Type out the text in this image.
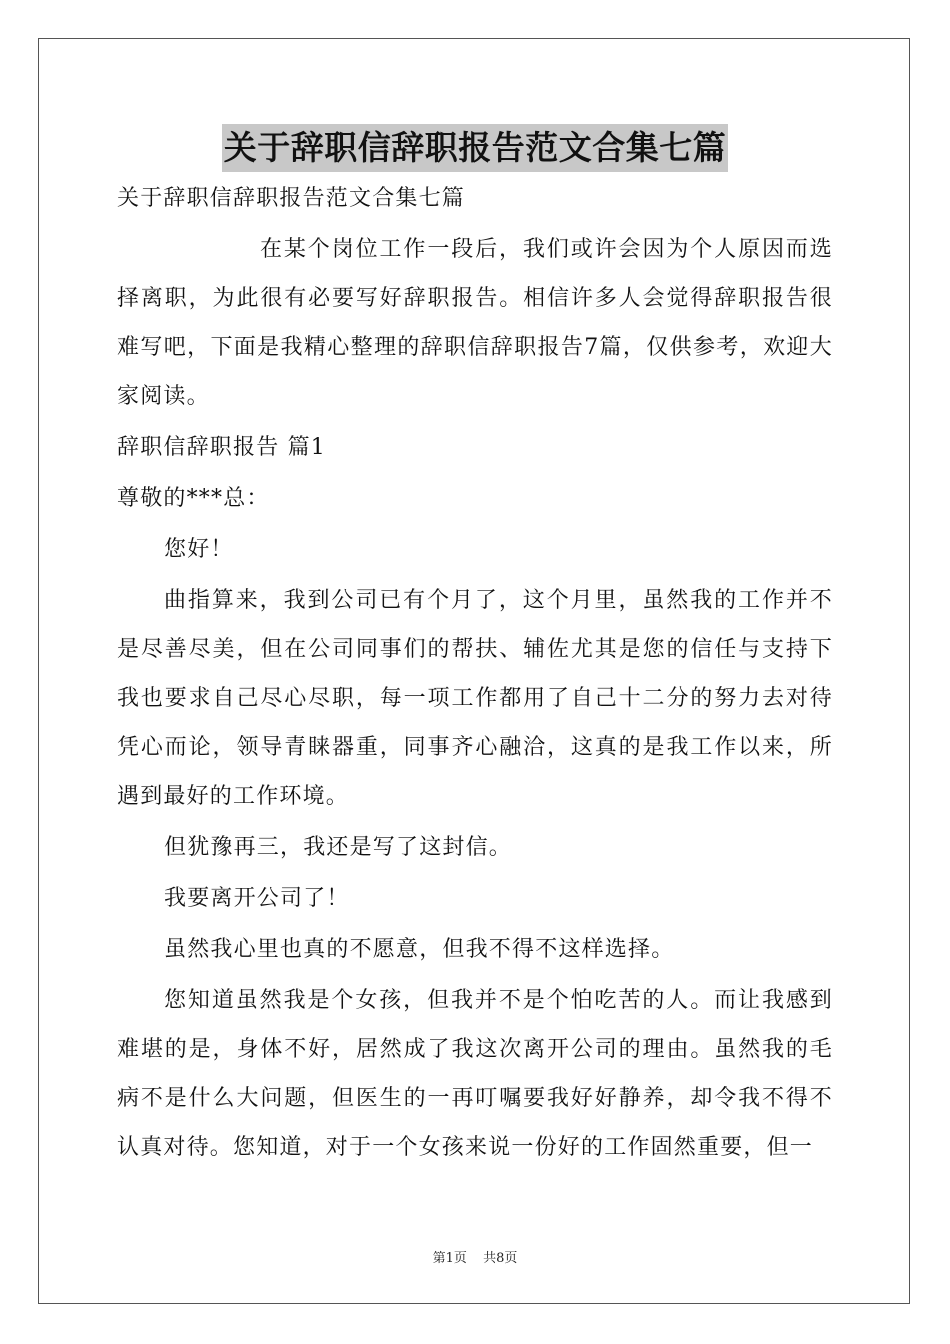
关于辞职信辞职报告范文合集七篇

关于辞职信辞职报告范文合集七篇

在某个岗位工作一段后，我们或许会因为个人原因而选择离职，为此很有必要写好辞职报告。相信许多人会觉得辞职报告很难写吧，下面是我精心整理的辞职信辞职报告7篇，仅供参考，欢迎大家阅读。

辞职信辞职报告 篇1

尊敬的***总：

您好！

曲指算来，我到公司已有个月了，这个月里，虽然我的工作并不是尽善尽美，但在公司同事们的帮扶、辅佐尤其是您的信任与支持下我也要求自己尽心尽职，每一项工作都用了自己十二分的努力去对待凭心而论，领导青睐器重，同事齐心融洽，这真的是我工作以来，所遇到最好的工作环境。

但犹豫再三，我还是写了这封信。

我要离开公司了！

虽然我心里也真的不愿意，但我不得不这样选择。

您知道虽然我是个女孩，但我并不是个怕吃苦的人。而让我感到难堪的是，身体不好，居然成了我这次离开公司的理由。虽然我的毛病不是什么大问题，但医生的一再叮嘱要我好好静养，却令我不得不认真对待。您知道，对于一个女孩来说一份好的工作固然重要，但一

第1页 共8页
